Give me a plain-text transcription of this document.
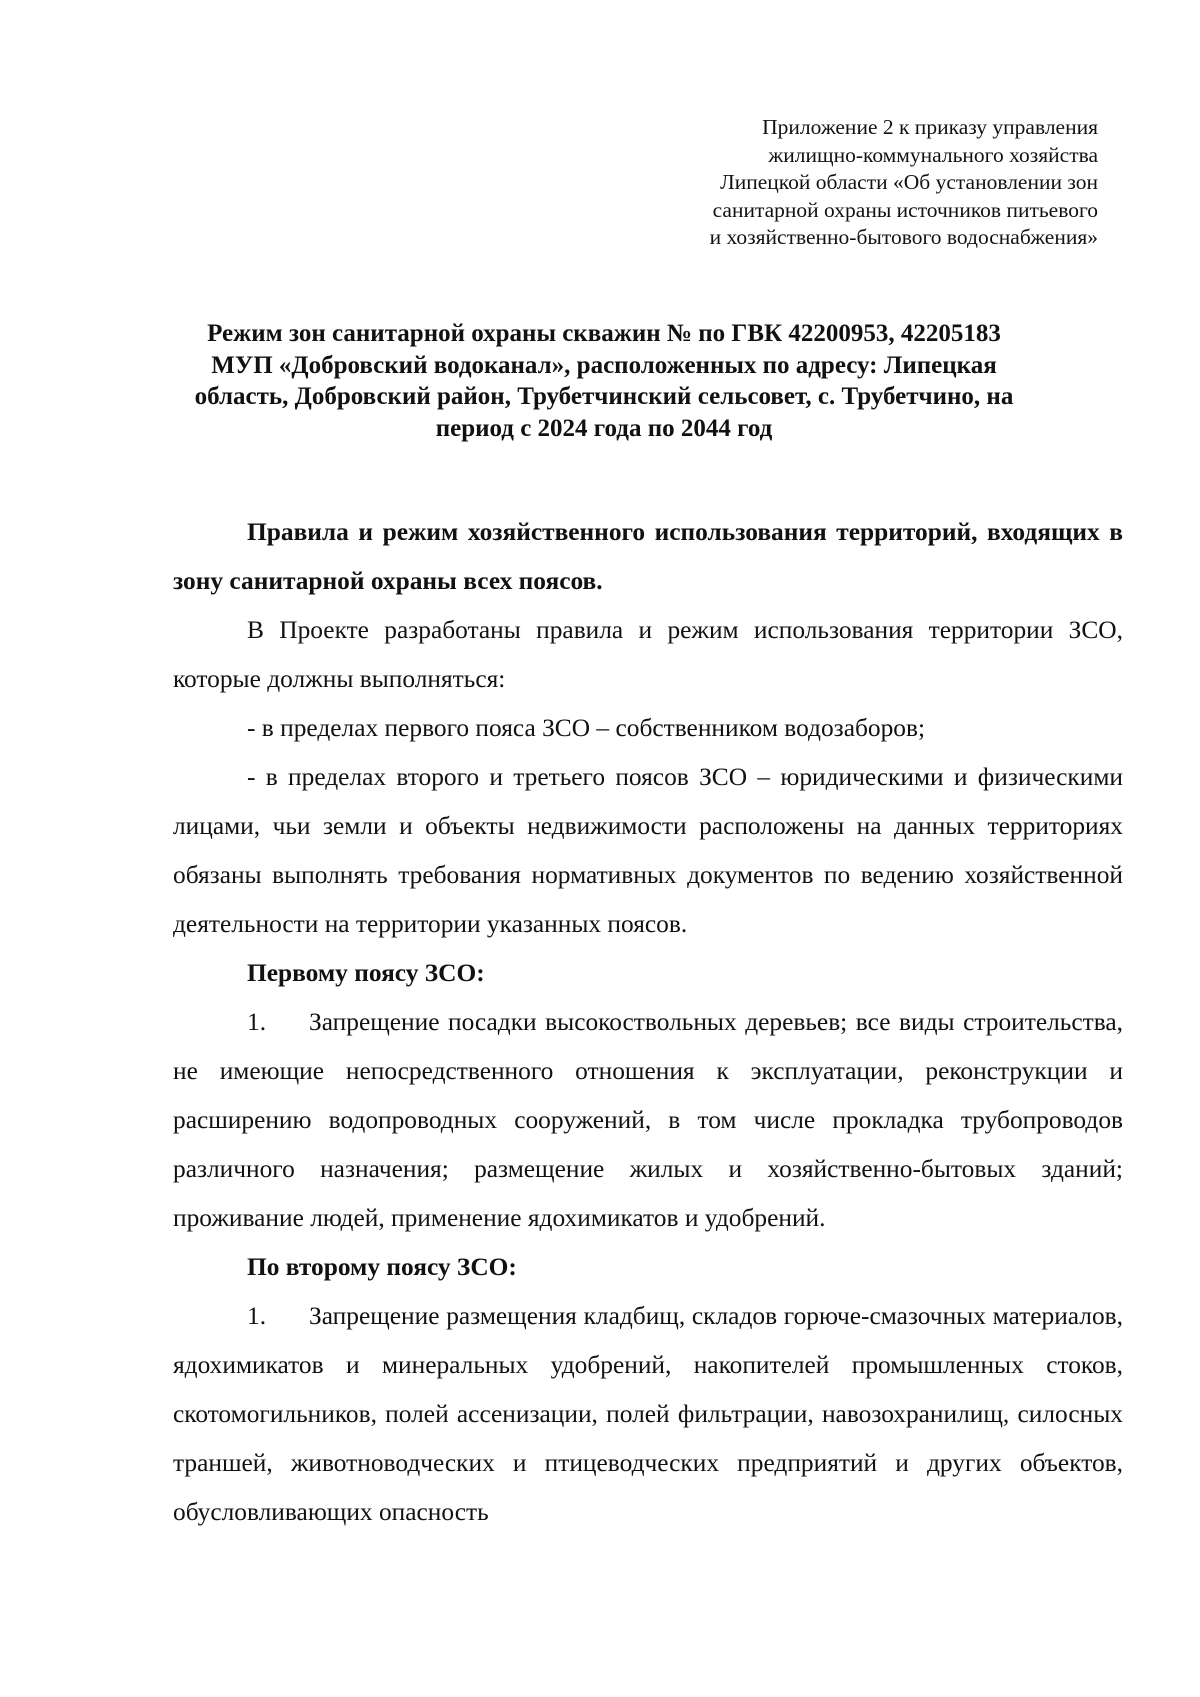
Приложение 2 к приказу управления
жилищно-коммунального хозяйства
Липецкой области «Об установлении зон
санитарной охраны источников питьевого
и хозяйственно-бытового водоснабжения»
Режим зон санитарной охраны скважин № по ГВК 42200953, 42205183
МУП «Добровский водоканал», расположенных по адресу: Липецкая
область, Добровский район, Трубетчинский сельсовет, с. Трубетчино, на
период с 2024 года по 2044 год

Правила и режим хозяйственного использования территорий, входящих в зону санитарной охраны всех поясов.

В Проекте разработаны правила и режим использования территории ЗСО, которые должны выполняться:

- в пределах первого пояса ЗСО – собственником водозаборов;

- в пределах второго и третьего поясов ЗСО – юридическими и физическими лицами, чьи земли и объекты недвижимости расположены на данных территориях обязаны выполнять требования нормативных документов по ведению хозяйственной деятельности на территории указанных поясов.

Первому поясу ЗСО:

1. Запрещение посадки высокоствольных деревьев; все виды строительства, не имеющие непосредственного отношения к эксплуатации, реконструкции и расширению водопроводных сооружений, в том числе прокладка трубопроводов различного назначения; размещение жилых и хозяйственно-бытовых зданий; проживание людей, применение ядохимикатов и удобрений.

По второму поясу ЗСО:

1. Запрещение размещения кладбищ, складов горюче-смазочных материалов, ядохимикатов и минеральных удобрений, накопителей промышленных стоков, скотомогильников, полей ассенизации, полей фильтрации, навозохранилищ, силосных траншей, животноводческих и птицеводческих предприятий и других объектов, обусловливающих опасность
